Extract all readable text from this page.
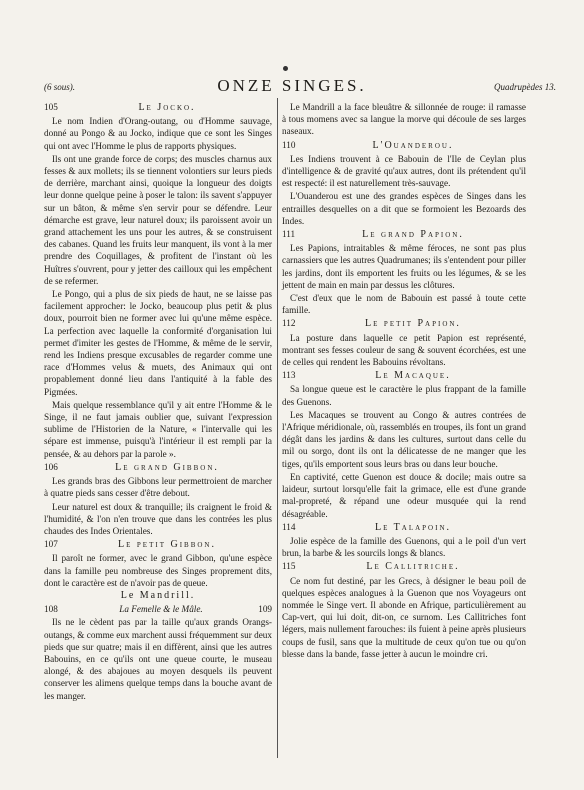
(6 sous).	ONZE SINGES.	Quadrupèdes 13.
105	Le Jocko.
Le nom Indien d'Orang-outang, ou d'Homme sauvage, donné au Pongo & au Jocko, indique que ce sont les Singes qui ont avec l'Homme le plus de rapports physiques.
Ils ont une grande force de corps; des muscles charnus aux fesses & aux mollets; ils se tiennent volontiers sur leurs pieds de derrière, marchant ainsi, quoique la longueur des doigts leur donne quelque peine à poser le talon: ils savent s'appuyer sur un bâton, & même s'en servir pour se défendre. Leur démarche est grave, leur naturel doux; ils paroissent avoir un grand attachement les uns pour les autres, & se construisent des cabanes. Quand les fruits leur manquent, ils vont à la mer prendre des Coquillages, & profitent de l'instant où les Huîtres s'ouvrent, pour y jetter des cailloux qui les empêchent de se refermer.
Le Pongo, qui a plus de six pieds de haut, ne se laisse pas facilement approcher: le Jocko, beaucoup plus petit & plus doux, pourroit bien ne former avec lui qu'une même espèce. La perfection avec laquelle la conformité d'organisation lui permet d'imiter les gestes de l'Homme, & même de le servir, rend les Indiens presque excusables de regarder comme une race d'Hommes velus & muets, des Animaux qui ont propablement donné lieu dans l'antiquité à la fable des Pigmées.
Mais quelque ressemblance qu'il y ait entre l'Homme & le Singe, il ne faut jamais oublier que, suivant l'expression sublime de l'Historien de la Nature, « l'intervalle qui les sépare est immense, puisqu'à l'intérieur il est rempli par la pensée, & au dehors par la parole ».
106	Le grand Gibbon.
Les grands bras des Gibbons leur permettroient de marcher à quatre pieds sans cesser d'être debout.
Leur naturel est doux & tranquille; ils craignent le froid & l'humidité, & l'on n'en trouve que dans les contrées les plus chaudes des Indes Orientales.
107	Le petit Gibbon.
Il paroît ne former, avec le grand Gibbon, qu'une espèce dans la famille peu nombreuse des Singes proprement dits, dont le caractère est de n'avoir pas de queue.
Le Mandrill.
108	La Femelle & le Mâle.	109
Ils ne le cèdent pas par la taille qu'aux grands Orangs-outangs, & comme eux marchent aussi fréquemment sur deux pieds que sur quatre; mais il en diffèrent, ainsi que les autres Babouins, en ce qu'ils ont une queue courte, le museau alongé, & des abajoues au moyen desquels ils peuvent conserver les alimens quelque temps dans la bouche avant de les manger.
Le Mandrill a la face bleuâtre & sillonnée de rouge: il ramasse à tous momens avec sa langue la morve qui découle de ses larges naseaux.
110	L'Ouanderou.
Les Indiens trouvent à ce Babouin de l'Ile de Ceylan plus d'intelligence & de gravité qu'aux autres, dont ils prétendent qu'il est respecté: il est naturellement très-sauvage.
L'Ouanderou est une des grandes espèces de Singes dans les entrailles desquelles on a dit que se formoient les Bezoards des Indes.
111	Le grand Papion.
Les Papions, intraitables & même féroces, ne sont pas plus carnassiers que les autres Quadrumanes; ils s'entendent pour piller les jardins, dont ils emportent les fruits ou les légumes, & se les jettent de main en main par dessus les clôtures.
C'est d'eux que le nom de Babouin est passé à toute cette famille.
112	Le petit Papion.
La posture dans laquelle ce petit Papion est représenté, montrant ses fesses couleur de sang & souvent écorchées, est une de celles qui rendent les Babouins révoltans.
113	Le Macaque.
Sa longue queue est le caractère le plus frappant de la famille des Guenons.
Les Macaques se trouvent au Congo & autres contrées de l'Afrique méridionale, où, rassemblés en troupes, ils font un grand dégât dans les jardins & dans les cultures, surtout dans celle du mil ou sorgo, dont ils ont la délicatesse de ne manger que les tiges, qu'ils emportent sous leurs bras ou dans leur bouche.
En captivité, cette Guenon est douce & docile; mais outre sa laideur, surtout lorsqu'elle fait la grimace, elle est d'une grande mal-propreté, & répand une odeur musquée qui la rend désagréable.
114	Le Talapoin.
Jolie espèce de la famille des Guenons, qui a le poil d'un vert brun, la barbe & les sourcils longs & blancs.
115	Le Callitriche.
Ce nom fut destiné, par les Grecs, à désigner le beau poil de quelques espèces analogues à la Guenon que nos Voyageurs ont nommée le Singe vert. Il abonde en Afrique, particulièrement au Cap-vert, qui lui doit, dit-on, ce surnom. Les Callitriches font légers, mais nullement farouches: ils fuient à peine après plusieurs coups de fusil, sans que la multitude de ceux qu'on tue ou qu'on blesse dans la bande, fasse jetter à aucun le moindre cri.
